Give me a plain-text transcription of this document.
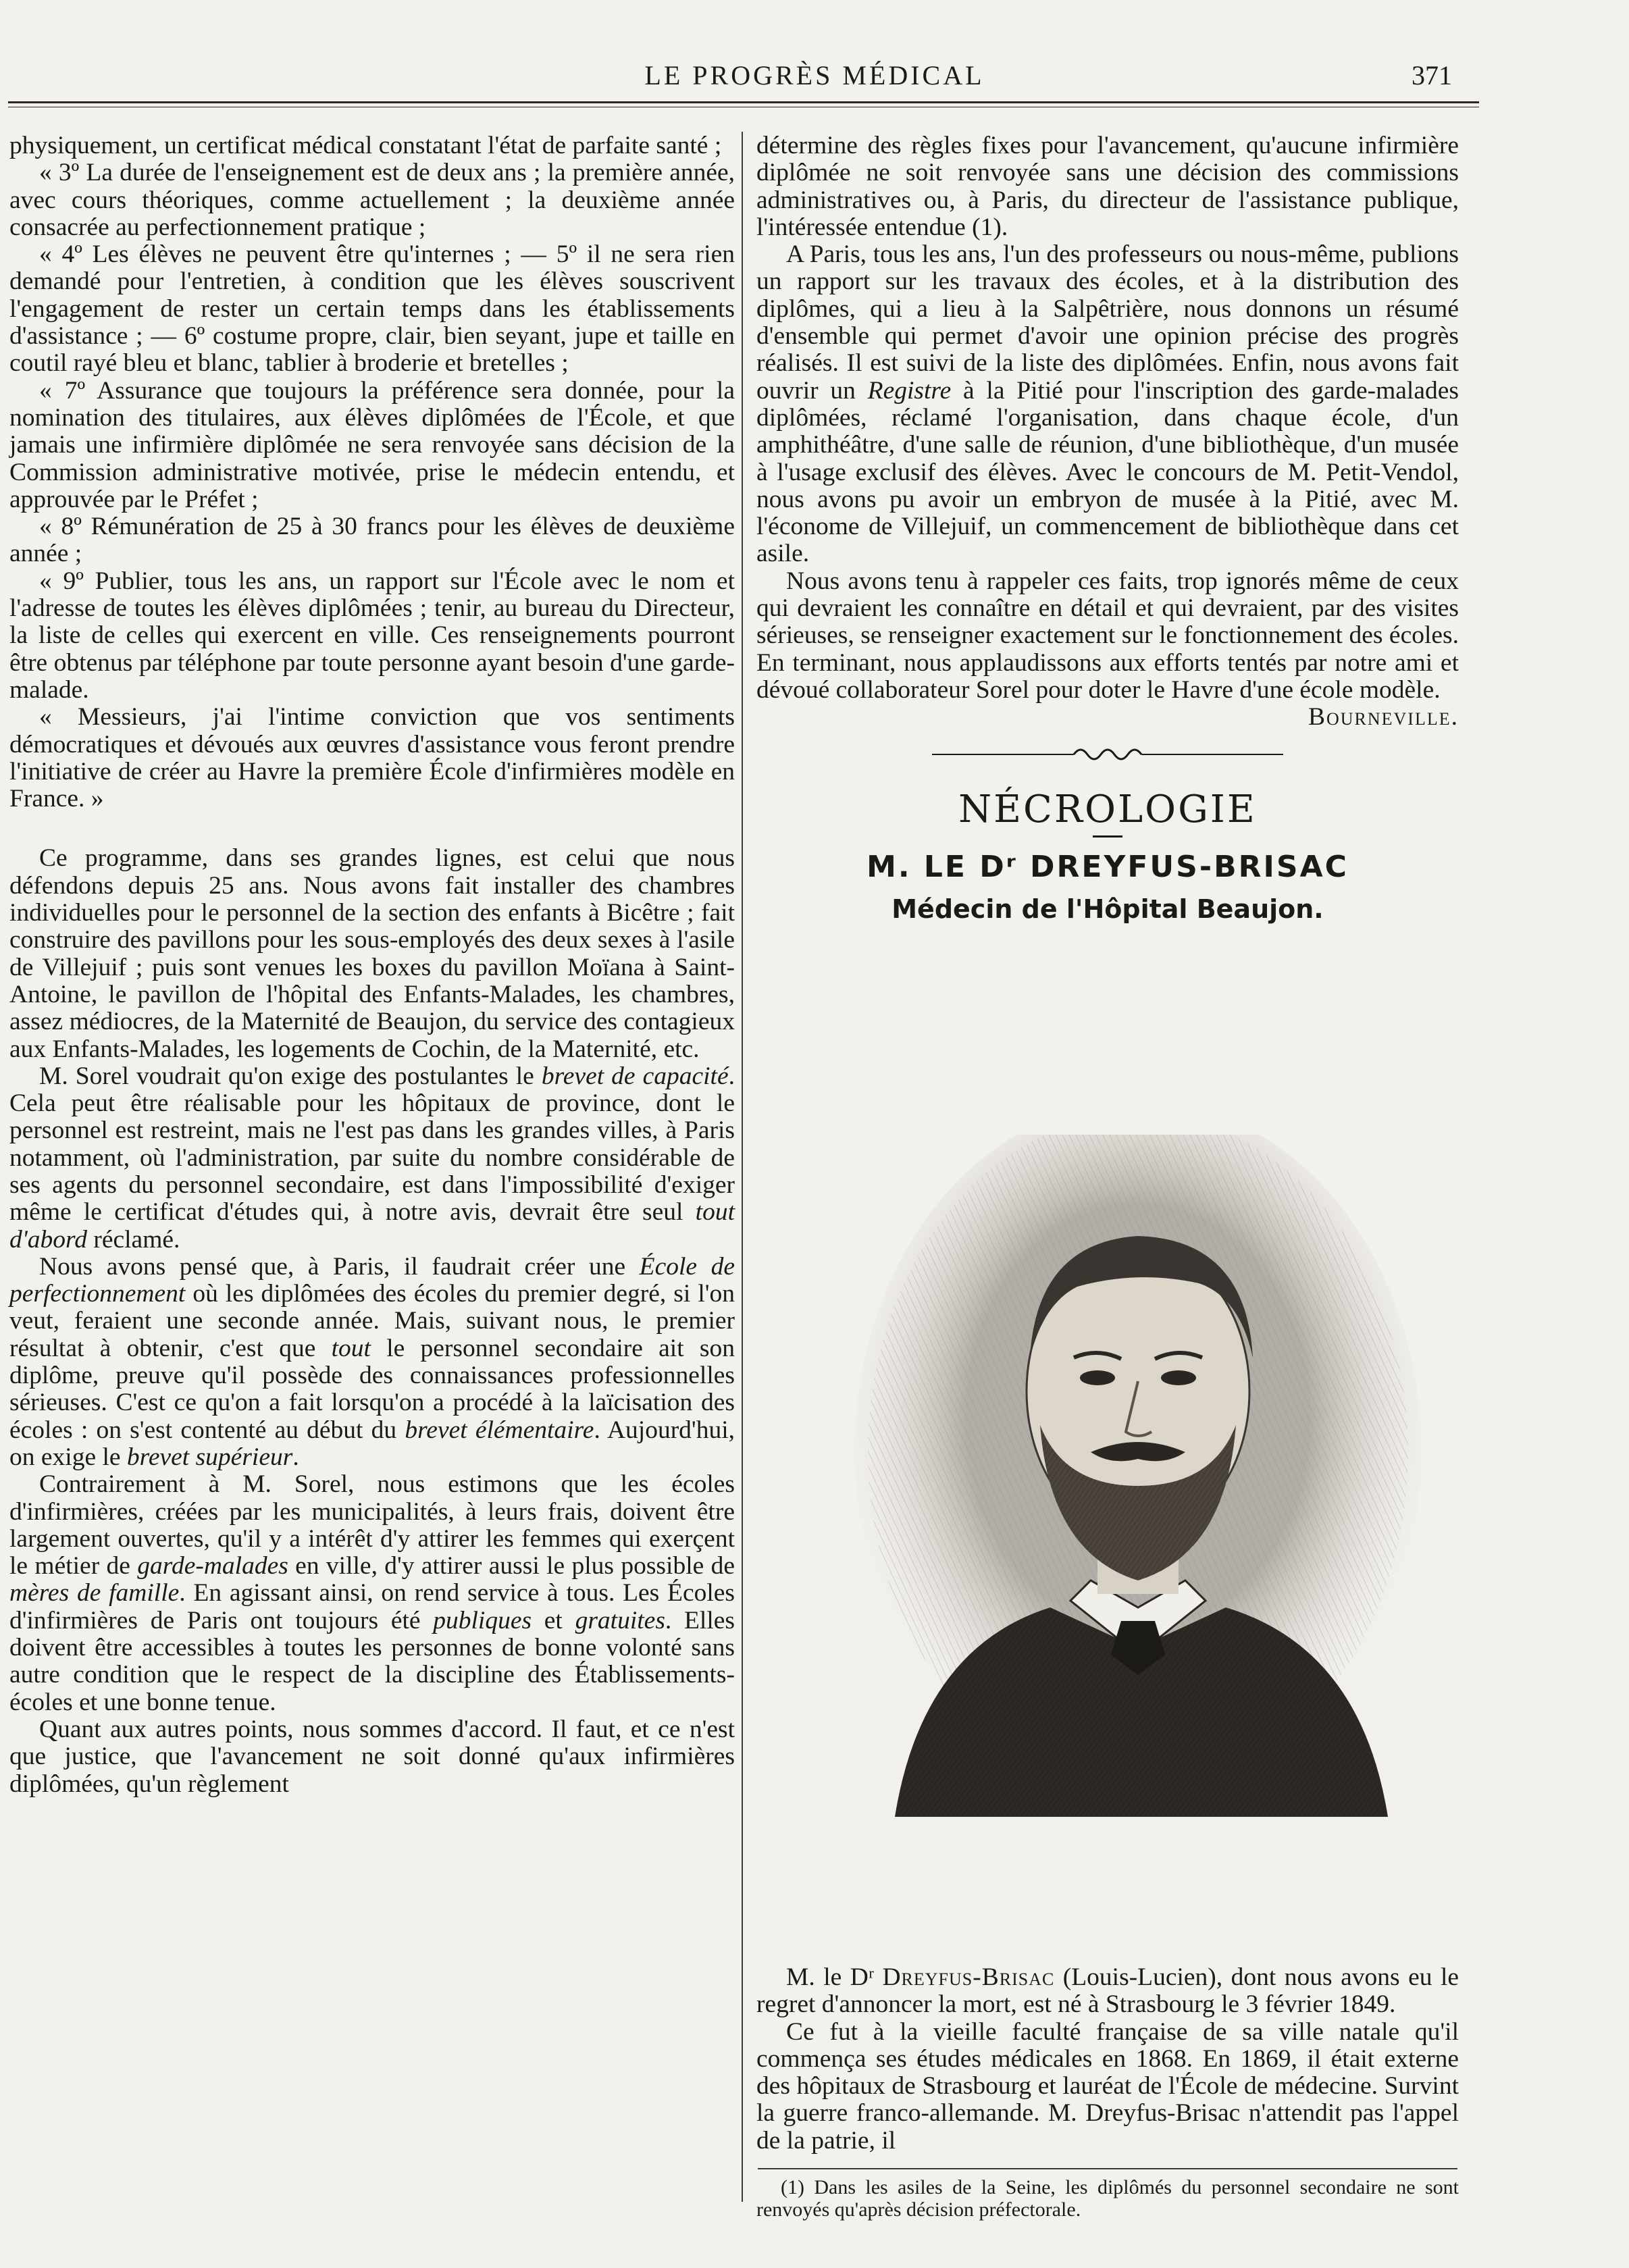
LE PROGRÈS MÉDICAL	371

physiquement, un certificat médical constatant l'état de parfaite santé ;

« 3º La durée de l'enseignement est de deux ans ; la première année, avec cours théoriques, comme actuellement ; la deuxième année consacrée au perfectionnement pratique ;

« 4º Les élèves ne peuvent être qu'internes ; — 5º il ne sera rien demandé pour l'entretien, à condition que les élèves souscrivent l'engagement de rester un certain temps dans les établissements d'assistance ; — 6º costume propre, clair, bien seyant, jupe et taille en coutil rayé bleu et blanc, tablier à broderie et bretelles ;

« 7º Assurance que toujours la préférence sera donnée, pour la nomination des titulaires, aux élèves diplômées de l'École, et que jamais une infirmière diplômée ne sera renvoyée sans décision de la Commission administrative motivée, prise le médecin entendu, et approuvée par le Préfet ;

« 8º Rémunération de 25 à 30 francs pour les élèves de deuxième année ;

« 9º Publier, tous les ans, un rapport sur l'École avec le nom et l'adresse de toutes les élèves diplômées ; tenir, au bureau du Directeur, la liste de celles qui exercent en ville. Ces renseignements pourront être obtenus par téléphone par toute personne ayant besoin d'une garde-malade.

« Messieurs, j'ai l'intime conviction que vos sentiments démocratiques et dévoués aux œuvres d'assistance vous feront prendre l'initiative de créer au Havre la première École d'infirmières modèle en France. »

Ce programme, dans ses grandes lignes, est celui que nous défendons depuis 25 ans. Nous avons fait installer des chambres individuelles pour le personnel de la section des enfants à Bicêtre ; fait construire des pavillons pour les sous-employés des deux sexes à l'asile de Villejuif ; puis sont venues les boxes du pavillon Moïana à Saint-Antoine, le pavillon de l'hôpital des Enfants-Malades, les chambres, assez médiocres, de la Maternité de Beaujon, du service des contagieux aux Enfants-Malades, les logements de Cochin, de la Maternité, etc.

M. Sorel voudrait qu'on exige des postulantes le brevet de capacité. Cela peut être réalisable pour les hôpitaux de province, dont le personnel est restreint, mais ne l'est pas dans les grandes villes, à Paris notamment, où l'administration, par suite du nombre considérable de ses agents du personnel secondaire, est dans l'impossibilité d'exiger même le certificat d'études qui, à notre avis, devrait être seul tout d'abord réclamé.

Nous avons pensé que, à Paris, il faudrait créer une École de perfectionnement où les diplômées des écoles du premier degré, si l'on veut, feraient une seconde année. Mais, suivant nous, le premier résultat à obtenir, c'est que tout le personnel secondaire ait son diplôme, preuve qu'il possède des connaissances professionnelles sérieuses. C'est ce qu'on a fait lorsqu'on a procédé à la laïcisation des écoles : on s'est contenté au début du brevet élémentaire. Aujourd'hui, on exige le brevet supérieur.

Contrairement à M. Sorel, nous estimons que les écoles d'infirmières, créées par les municipalités, à leurs frais, doivent être largement ouvertes, qu'il y a intérêt d'y attirer les femmes qui exerçent le métier de garde-malades en ville, d'y attirer aussi le plus possible de mères de famille. En agissant ainsi, on rend service à tous. Les Écoles d'infirmières de Paris ont toujours été publiques et gratuites. Elles doivent être accessibles à toutes les personnes de bonne volonté sans autre condition que le respect de la discipline des Établissements-écoles et une bonne tenue.

Quant aux autres points, nous sommes d'accord. Il faut, et ce n'est que justice, que l'avancement ne soit donné qu'aux infirmières diplômées, qu'un règlement

détermine des règles fixes pour l'avancement, qu'aucune infirmière diplômée ne soit renvoyée sans une décision des commissions administratives ou, à Paris, du directeur de l'assistance publique, l'intéressée entendue (1).

A Paris, tous les ans, l'un des professeurs ou nous-même, publions un rapport sur les travaux des écoles, et à la distribution des diplômes, qui a lieu à la Salpêtrière, nous donnons un résumé d'ensemble qui permet d'avoir une opinion précise des progrès réalisés. Il est suivi de la liste des diplômées. Enfin, nous avons fait ouvrir un Registre à la Pitié pour l'inscription des garde-malades diplômées, réclamé l'organisation, dans chaque école, d'un amphithéâtre, d'une salle de réunion, d'une bibliothèque, d'un musée à l'usage exclusif des élèves. Avec le concours de M. Petit-Vendol, nous avons pu avoir un embryon de musée à la Pitié, avec M. l'économe de Villejuif, un commencement de bibliothèque dans cet asile.

Nous avons tenu à rappeler ces faits, trop ignorés même de ceux qui devraient les connaître en détail et qui devraient, par des visites sérieuses, se renseigner exactement sur le fonctionnement des écoles. En terminant, nous applaudissons aux efforts tentés par notre ami et dévoué collaborateur Sorel pour doter le Havre d'une école modèle.

Bourneville.

NÉCROLOGIE
M. LE Dʳ DREYFUS-BRISAC
Médecin de l'Hôpital Beaujon.

M. le Dʳ Dreyfus-Brisac (Louis-Lucien), dont nous avons eu le regret d'annoncer la mort, est né à Strasbourg le 3 février 1849.

Ce fut à la vieille faculté française de sa ville natale qu'il commença ses études médicales en 1868. En 1869, il était externe des hôpitaux de Strasbourg et lauréat de l'École de médecine. Survint la guerre franco-allemande. M. Dreyfus-Brisac n'attendit pas l'appel de la patrie, il

(1) Dans les asiles de la Seine, les diplômés du personnel secondaire ne sont renvoyés qu'après décision préfectorale.
